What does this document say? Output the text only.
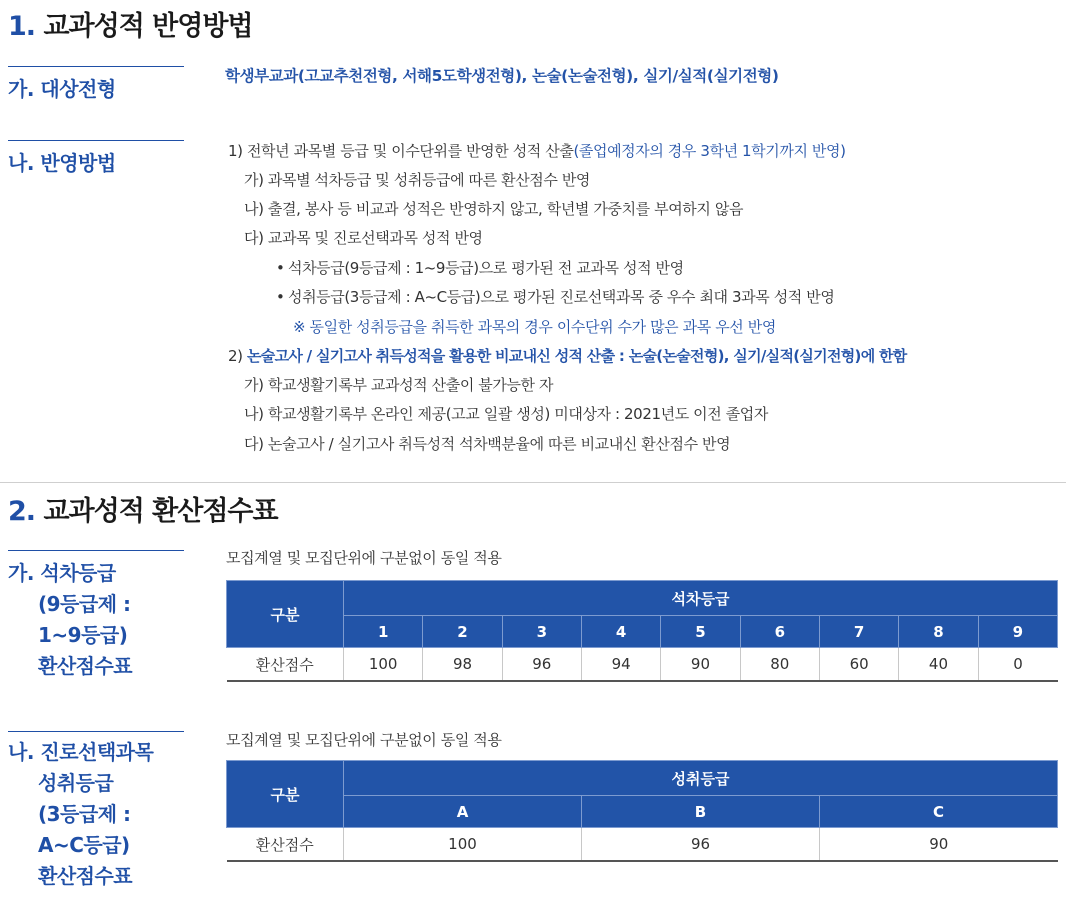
1. 교과성적 반영방법
가. 대상전형
학생부교과(고교추천전형, 서해5도학생전형), 논술(논술전형), 실기/실적(실기전형)
나. 반영방법	1) 전학년 과목별 등급 및 이수단위를 반영한 성적 산출(졸업예정자의 경우 3학년 1학기까지 반영)
가) 과목별 석차등급 및 성취등급에 따른 환산점수 반영
나) 출결, 봉사 등 비교과 성적은 반영하지 않고, 학년별 가중치를 부여하지 않음
다) 교과목 및 진로선택과목 성적 반영
• 석차등급(9등급제 : 1~9등급)으로 평가된 전 교과목 성적 반영
• 성취등급(3등급제 : A~C등급)으로 평가된 진로선택과목 중 우수 최대 3과목 성적 반영
※ 동일한 성취등급을 취득한 과목의 경우 이수단위 수가 많은 과목 우선 반영
2) 논술고사 / 실기고사 취득성적을 활용한 비교내신 성적 산출 : 논술(논술전형), 실기/실적(실기전형)에 한함
가) 학교생활기록부 교과성적 산출이 불가능한 자
나) 학교생활기록부 온라인 제공(고교 일괄 생성) 미대상자 : 2021년도 이전 졸업자
다) 논술고사 / 실기고사 취득성적 석차백분율에 따른 비교내신 환산점수 반영
2. 교과성적 환산점수표
가. 석차등급
(9등급제 :
1~9등급)
환산점수표
모집계열 및 모집단위에 구분없이 동일 적용
구분	석차등급								
	1	2	3	4	5	6	7	8	9
환산점수	100	98	96	94	90	80	60	40	0
나. 진로선택과목
성취등급
(3등급제 :
A~C등급)
환산점수표
모집계열 및 모집단위에 구분없이 동일 적용
구분	성취등급		
	A	B	C
환산점수	100	96	90
